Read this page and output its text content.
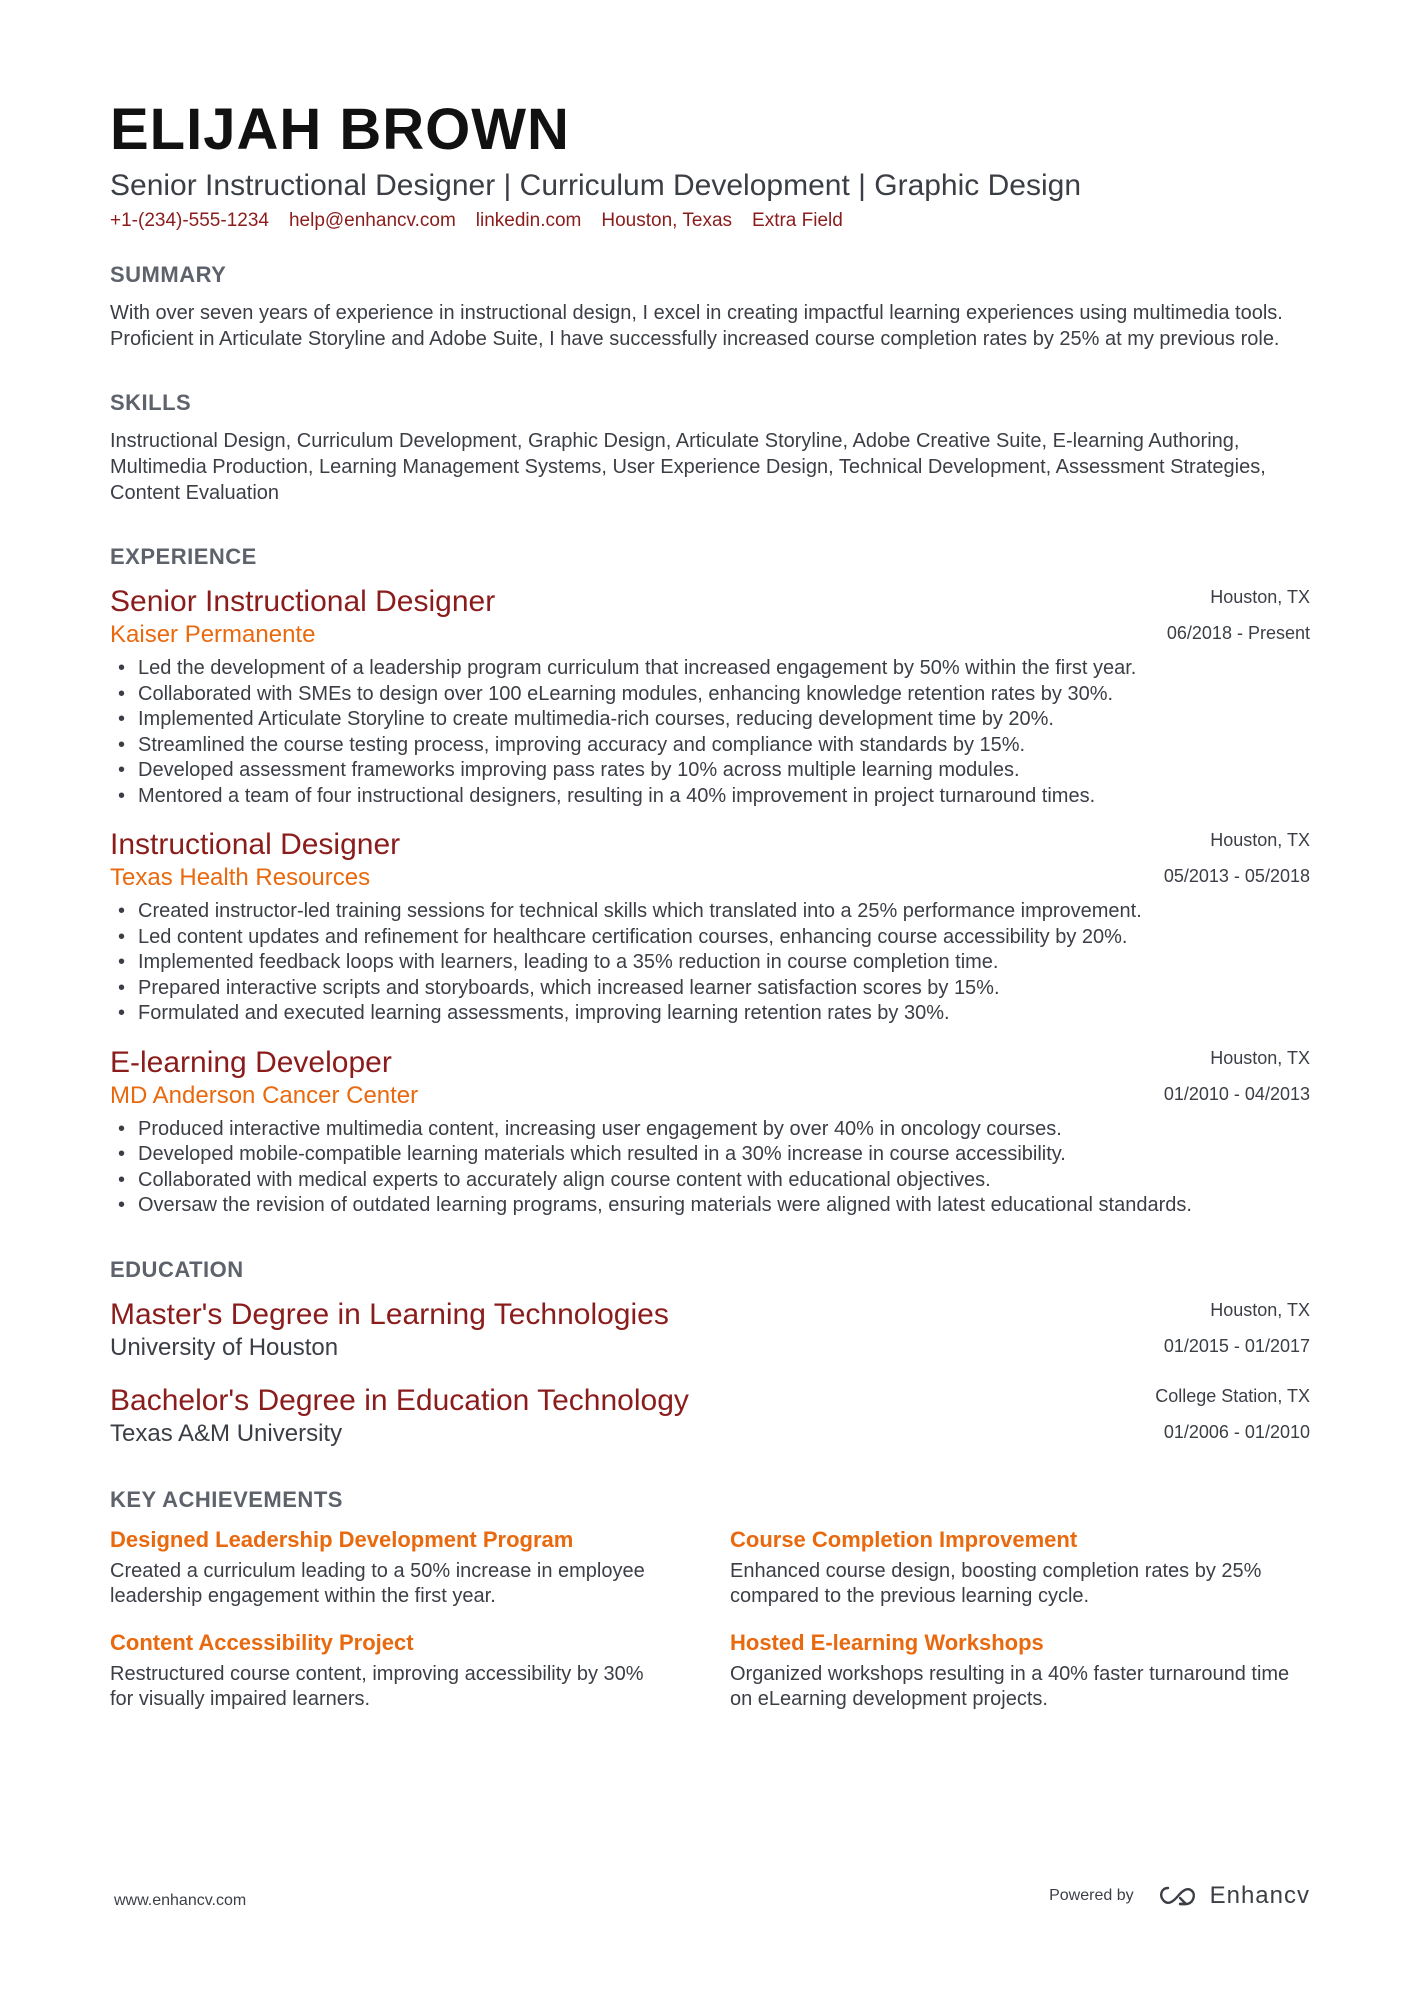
ELIJAH BROWN
Senior Instructional Designer | Curriculum Development | Graphic Design
+1-(234)-555-1234 help@enhancv.com linkedin.com Houston, Texas Extra Field
SUMMARY
With over seven years of experience in instructional design, I excel in creating impactful learning experiences using multimedia tools. Proficient in Articulate Storyline and Adobe Suite, I have successfully increased course completion rates by 25% at my previous role.
SKILLS
Instructional Design, Curriculum Development, Graphic Design, Articulate Storyline, Adobe Creative Suite, E-learning Authoring, Multimedia Production, Learning Management Systems, User Experience Design, Technical Development, Assessment Strategies, Content Evaluation
EXPERIENCE
Senior Instructional Designer
Kaiser Permanente
Houston, TX
06/2018 - Present
• Led the development of a leadership program curriculum that increased engagement by 50% within the first year.
• Collaborated with SMEs to design over 100 eLearning modules, enhancing knowledge retention rates by 30%.
• Implemented Articulate Storyline to create multimedia-rich courses, reducing development time by 20%.
• Streamlined the course testing process, improving accuracy and compliance with standards by 15%.
• Developed assessment frameworks improving pass rates by 10% across multiple learning modules.
• Mentored a team of four instructional designers, resulting in a 40% improvement in project turnaround times.
Instructional Designer
Texas Health Resources
Houston, TX
05/2013 - 05/2018
• Created instructor-led training sessions for technical skills which translated into a 25% performance improvement.
• Led content updates and refinement for healthcare certification courses, enhancing course accessibility by 20%.
• Implemented feedback loops with learners, leading to a 35% reduction in course completion time.
• Prepared interactive scripts and storyboards, which increased learner satisfaction scores by 15%.
• Formulated and executed learning assessments, improving learning retention rates by 30%.
E-learning Developer
MD Anderson Cancer Center
Houston, TX
01/2010 - 04/2013
• Produced interactive multimedia content, increasing user engagement by over 40% in oncology courses.
• Developed mobile-compatible learning materials which resulted in a 30% increase in course accessibility.
• Collaborated with medical experts to accurately align course content with educational objectives.
• Oversaw the revision of outdated learning programs, ensuring materials were aligned with latest educational standards.
EDUCATION
Master's Degree in Learning Technologies
University of Houston
Houston, TX
01/2015 - 01/2017
Bachelor's Degree in Education Technology
Texas A&M University
College Station, TX
01/2006 - 01/2010
KEY ACHIEVEMENTS
Designed Leadership Development Program
Created a curriculum leading to a 50% increase in employee leadership engagement within the first year.
Course Completion Improvement
Enhanced course design, boosting completion rates by 25% compared to the previous learning cycle.
Content Accessibility Project
Restructured course content, improving accessibility by 30% for visually impaired learners.
Hosted E-learning Workshops
Organized workshops resulting in a 40% faster turnaround time on eLearning development projects.
www.enhancv.com	Powered by	Enhancv
